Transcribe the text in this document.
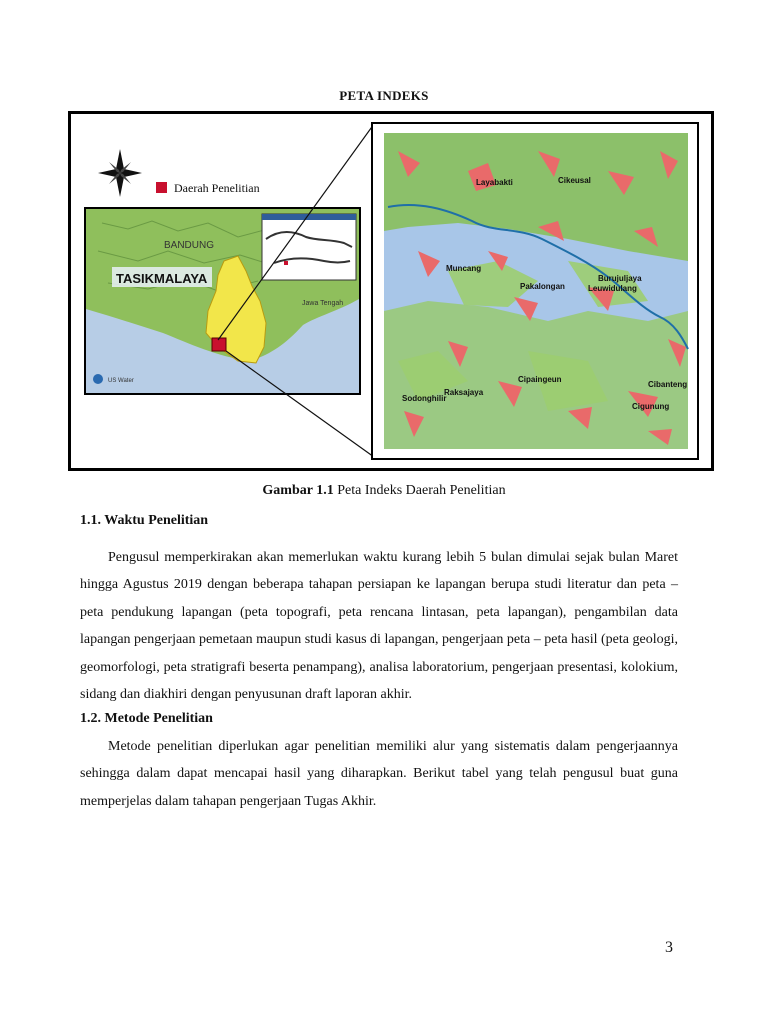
PETA INDEKS
Daerah Penelitian
TASIKMALAYA
BANDUNG
Jawa Tengah
US Water
Layabakti	Cikeusal
Muncang
Pakalongan
Burujuljaya
Leuwidulang
Cipaingeun
Sodonghilir
Raksajaya
Cibanteng
Cigunung
Gambar 1.1 Peta Indeks Daerah Penelitian
1.1. Waktu Penelitian
Pengusul memperkirakan akan memerlukan waktu kurang lebih 5 bulan dimulai sejak bulan Maret hingga Agustus 2019 dengan beberapa tahapan persiapan ke lapangan berupa studi literatur dan peta – peta pendukung lapangan (peta topografi, peta rencana lintasan, peta lapangan), pengambilan data lapangan pengerjaan pemetaan maupun studi kasus di lapangan, pengerjaan peta – peta hasil (peta geologi, geomorfologi, peta stratigrafi beserta penampang), analisa laboratorium, pengerjaan presentasi, kolokium, sidang dan diakhiri dengan penyusunan draft laporan akhir.
1.2. Metode Penelitian
Metode penelitian diperlukan agar penelitian memiliki alur yang sistematis dalam pengerjaannya sehingga dalam dapat mencapai hasil yang diharapkan. Berikut tabel yang telah pengusul buat guna memperjelas dalam tahapan pengerjaan Tugas Akhir.
3
